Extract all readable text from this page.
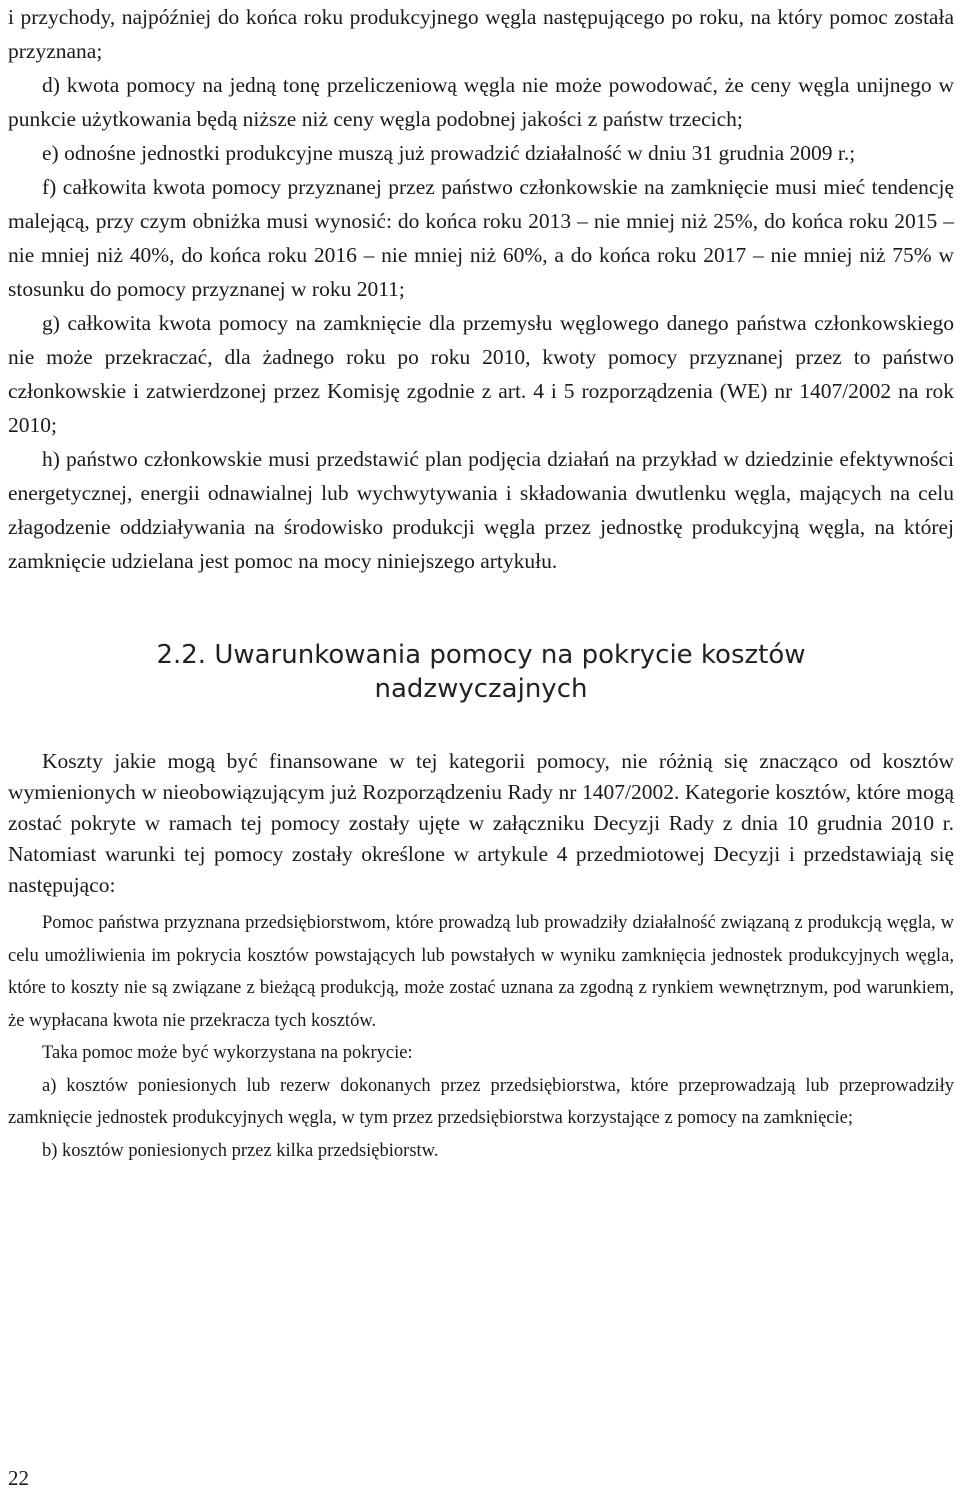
i przychody, najpóźniej do końca roku produkcyjnego węgla następującego po roku, na który pomoc została przyznana;

d) kwota pomocy na jedną tonę przeliczeniową węgla nie może powodować, że ceny węgla unijnego w punkcie użytkowania będą niższe niż ceny węgla podobnej jakości z państw trzecich;

e) odnośne jednostki produkcyjne muszą już prowadzić działalność w dniu 31 grudnia 2009 r.;

f) całkowita kwota pomocy przyznanej przez państwo członkowskie na zamknięcie musi mieć tendencję malejącą, przy czym obniżka musi wynosić: do końca roku 2013 – nie mniej niż 25%, do końca roku 2015 – nie mniej niż 40%, do końca roku 2016 – nie mniej niż 60%, a do końca roku 2017 – nie mniej niż 75% w stosunku do pomocy przyznanej w roku 2011;

g) całkowita kwota pomocy na zamknięcie dla przemysłu węglowego danego państwa członkowskiego nie może przekraczać, dla żadnego roku po roku 2010, kwoty pomocy przyznanej przez to państwo członkowskie i zatwierdzonej przez Komisję zgodnie z art. 4 i 5 rozporządzenia (WE) nr 1407/2002 na rok 2010;

h) państwo członkowskie musi przedstawić plan podjęcia działań na przykład w dziedzinie efektywności energetycznej, energii odnawialnej lub wychwytywania i składowania dwutlenku węgla, mających na celu złagodzenie oddziaływania na środowisko produkcji węgla przez jednostkę produkcyjną węgla, na której zamknięcie udzielana jest pomoc na mocy niniejszego artykułu.

2.2. Uwarunkowania pomocy na pokrycie kosztów
nadzwyczajnych

Koszty jakie mogą być finansowane w tej kategorii pomocy, nie różnią się znacząco od kosztów wymienionych w nieobowiązującym już Rozporządzeniu Rady nr 1407/2002. Kategorie kosztów, które mogą zostać pokryte w ramach tej pomocy zostały ujęte w załączniku Decyzji Rady z dnia 10 grudnia 2010 r. Natomiast warunki tej pomocy zostały określone w artykule 4 przedmiotowej Decyzji i przedstawiają się następująco:

Pomoc państwa przyznana przedsiębiorstwom, które prowadzą lub prowadziły działalność związaną z produkcją węgla, w celu umożliwienia im pokrycia kosztów powstających lub powstałych w wyniku zamknięcia jednostek produkcyjnych węgla, które to koszty nie są związane z bieżącą produkcją, może zostać uznana za zgodną z rynkiem wewnętrznym, pod warunkiem, że wypłacana kwota nie przekracza tych kosztów.

Taka pomoc może być wykorzystana na pokrycie:

a) kosztów poniesionych lub rezerw dokonanych przez przedsiębiorstwa, które przeprowadzają lub przeprowadziły zamknięcie jednostek produkcyjnych węgla, w tym przez przedsiębiorstwa korzystające z pomocy na zamknięcie;

b) kosztów poniesionych przez kilka przedsiębiorstw.

22
